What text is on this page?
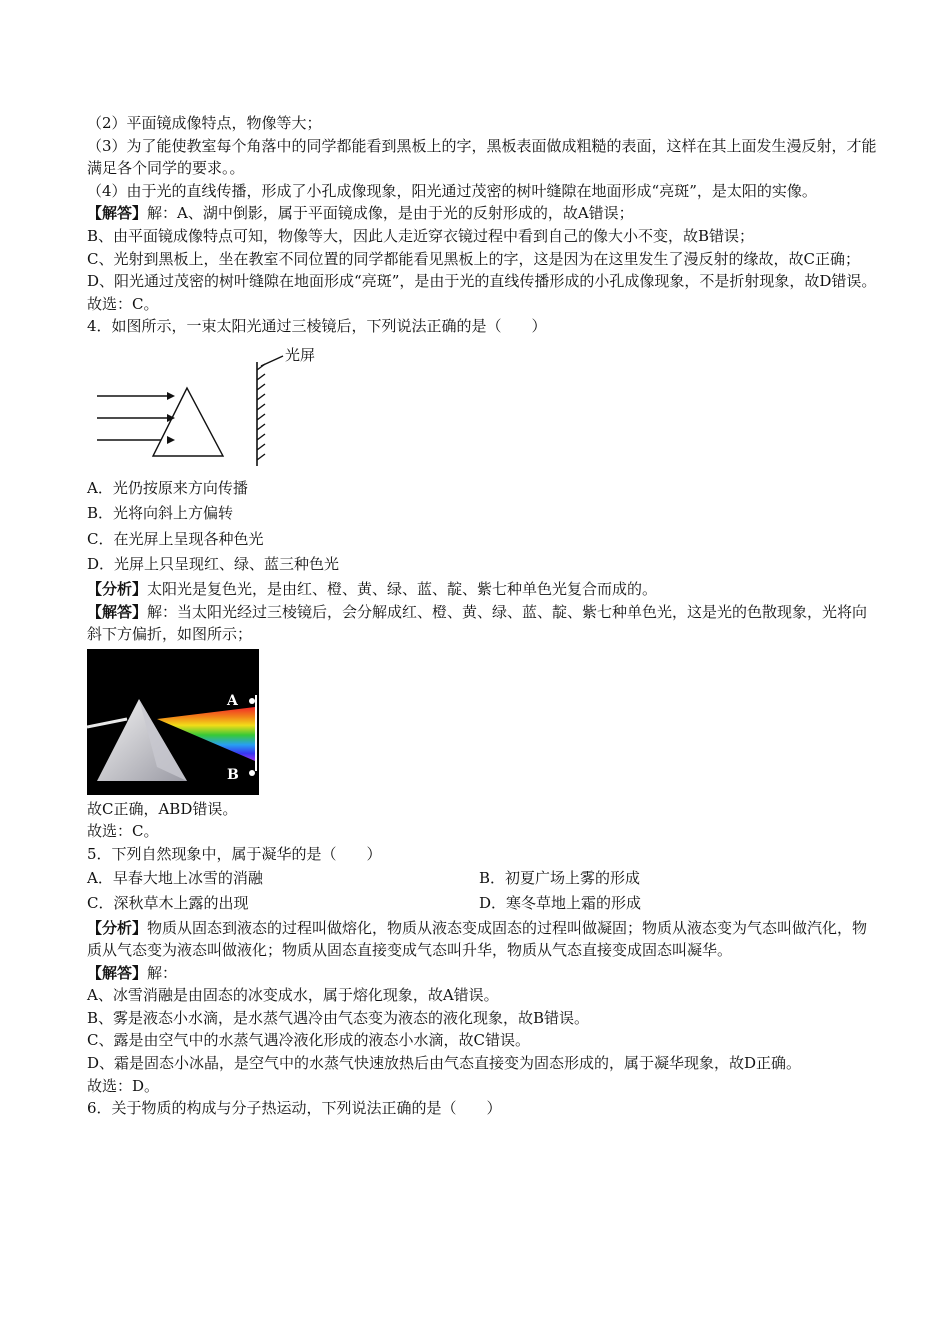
（2）平面镜成像特点，物像等大；

（3）为了能使教室每个角落中的同学都能看到黑板上的字，黑板表面做成粗糙的表面，这样在其上面发生漫反射，才能满足各个同学的要求。。

（4）由于光的直线传播，形成了小孔成像现象，阳光通过茂密的树叶缝隙在地面形成“亮斑”，是太阳的实像。

【解答】解：A、湖中倒影，属于平面镜成像，是由于光的反射形成的，故A错误；

B、由平面镜成像特点可知，物像等大，因此人走近穿衣镜过程中看到自己的像大小不变，故B错误；

C、光射到黑板上，坐在教室不同位置的同学都能看见黑板上的字，这是因为在这里发生了漫反射的缘故，故C正确；

D、阳光通过茂密的树叶缝隙在地面形成“亮斑”，是由于光的直线传播形成的小孔成像现象，不是折射现象，故D错误。

故选：C。

4．如图所示，一束太阳光通过三棱镜后，下列说法正确的是（　　）

光屏

A．光仍按原来方向传播

B．光将向斜上方偏转

C．在光屏上呈现各种色光

D．光屏上只呈现红、绿、蓝三种色光

【分析】太阳光是复色光，是由红、橙、黄、绿、蓝、靛、紫七种单色光复合而成的。

【解答】解：当太阳光经过三棱镜后，会分解成红、橙、黄、绿、蓝、靛、紫七种单色光，这是光的色散现象，光将向斜下方偏折，如图所示；

A
B

故C正确，ABD错误。

故选：C。

5．下列自然现象中，属于凝华的是（　　）

A．早春大地上冰雪的消融	B．初夏广场上雾的形成
C．深秋草木上露的出现	D．寒冬草地上霜的形成

【分析】物质从固态到液态的过程叫做熔化，物质从液态变成固态的过程叫做凝固；物质从液态变为气态叫做汽化，物质从气态变为液态叫做液化；物质从固态直接变成气态叫升华，物质从气态直接变成固态叫凝华。

【解答】解：

A、冰雪消融是由固态的冰变成水，属于熔化现象，故A错误。

B、雾是液态小水滴，是水蒸气遇冷由气态变为液态的液化现象，故B错误。

C、露是由空气中的水蒸气遇冷液化形成的液态小水滴，故C错误。

D、霜是固态小冰晶，是空气中的水蒸气快速放热后由气态直接变为固态形成的，属于凝华现象，故D正确。

故选：D。

6．关于物质的构成与分子热运动，下列说法正确的是（　　）
